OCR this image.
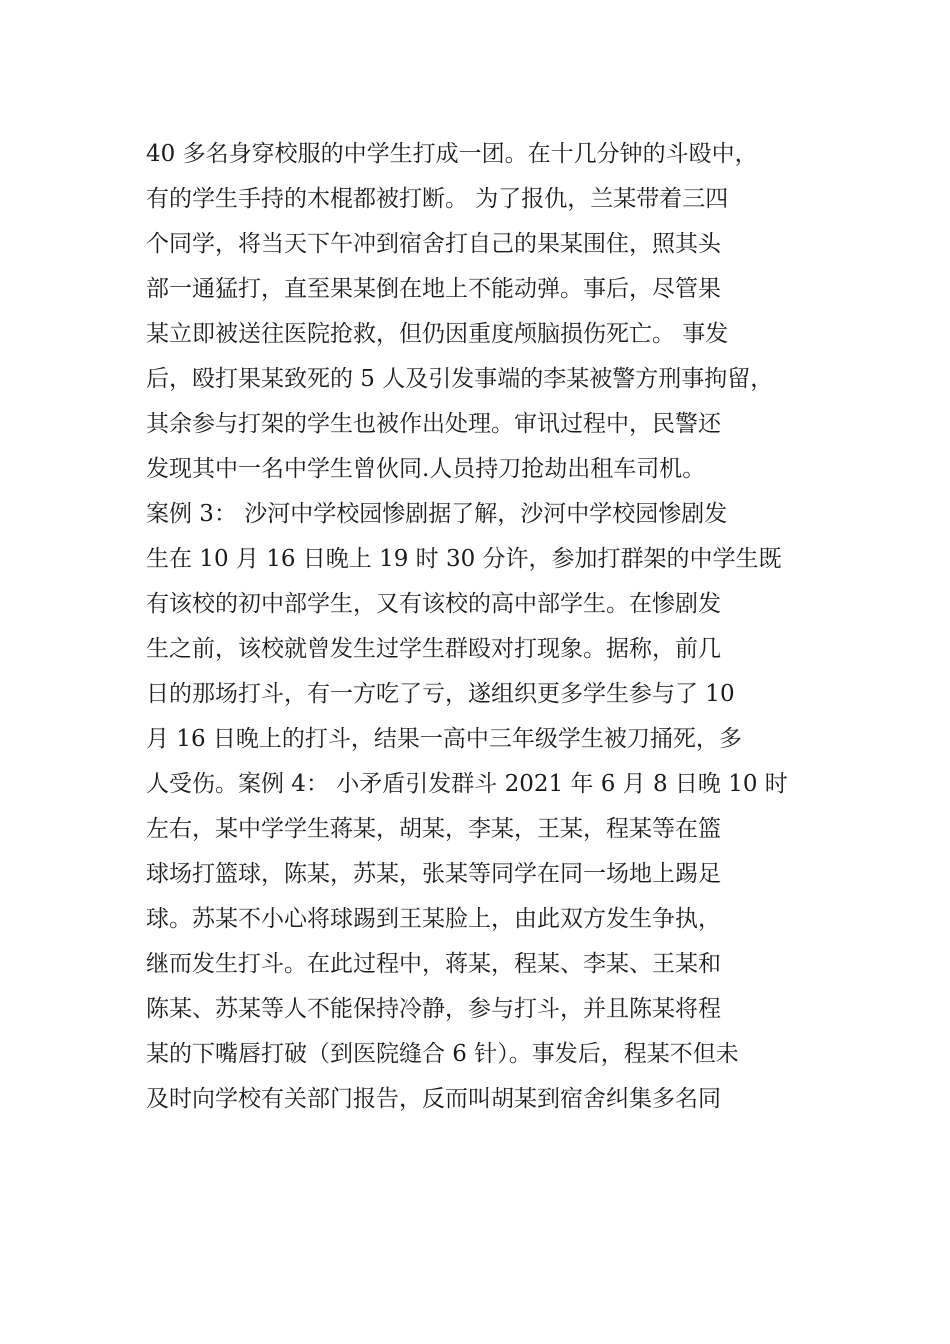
40 多名身穿校服的中学生打成一团。在十几分钟的斗殴中，
有的学生手持的木棍都被打断。 为了报仇，兰某带着三四
个同学，将当天下午冲到宿舍打自己的果某围住，照其头
部一通猛打，直至果某倒在地上不能动弹。事后，尽管果
某立即被送往医院抢救，但仍因重度颅脑损伤死亡。 事发
后，殴打果某致死的 5 人及引发事端的李某被警方刑事拘留，
其余参与打架的学生也被作出处理。审讯过程中，民警还
发现其中一名中学生曾伙同.人员持刀抢劫出租车司机。
案例 3： 沙河中学校园惨剧据了解，沙河中学校园惨剧发
生在 10 月 16 日晚上 19 时 30 分许，参加打群架的中学生既
有该校的初中部学生，又有该校的高中部学生。在惨剧发
生之前，该校就曾发生过学生群殴对打现象。据称，前几
日的那场打斗，有一方吃了亏，遂组织更多学生参与了 10
月 16 日晚上的打斗，结果一高中三年级学生被刀捅死，多
人受伤。案例 4： 小矛盾引发群斗 2021 年 6 月 8 日晚 10 时
左右，某中学学生蒋某，胡某，李某，王某，程某等在篮
球场打篮球，陈某，苏某，张某等同学在同一场地上踢足
球。苏某不小心将球踢到王某脸上，由此双方发生争执，
继而发生打斗。在此过程中，蒋某，程某、李某、王某和
陈某、苏某等人不能保持冷静，参与打斗，并且陈某将程
某的下嘴唇打破（到医院缝合 6 针）。事发后，程某不但未
及时向学校有关部门报告，反而叫胡某到宿舍纠集多名同
